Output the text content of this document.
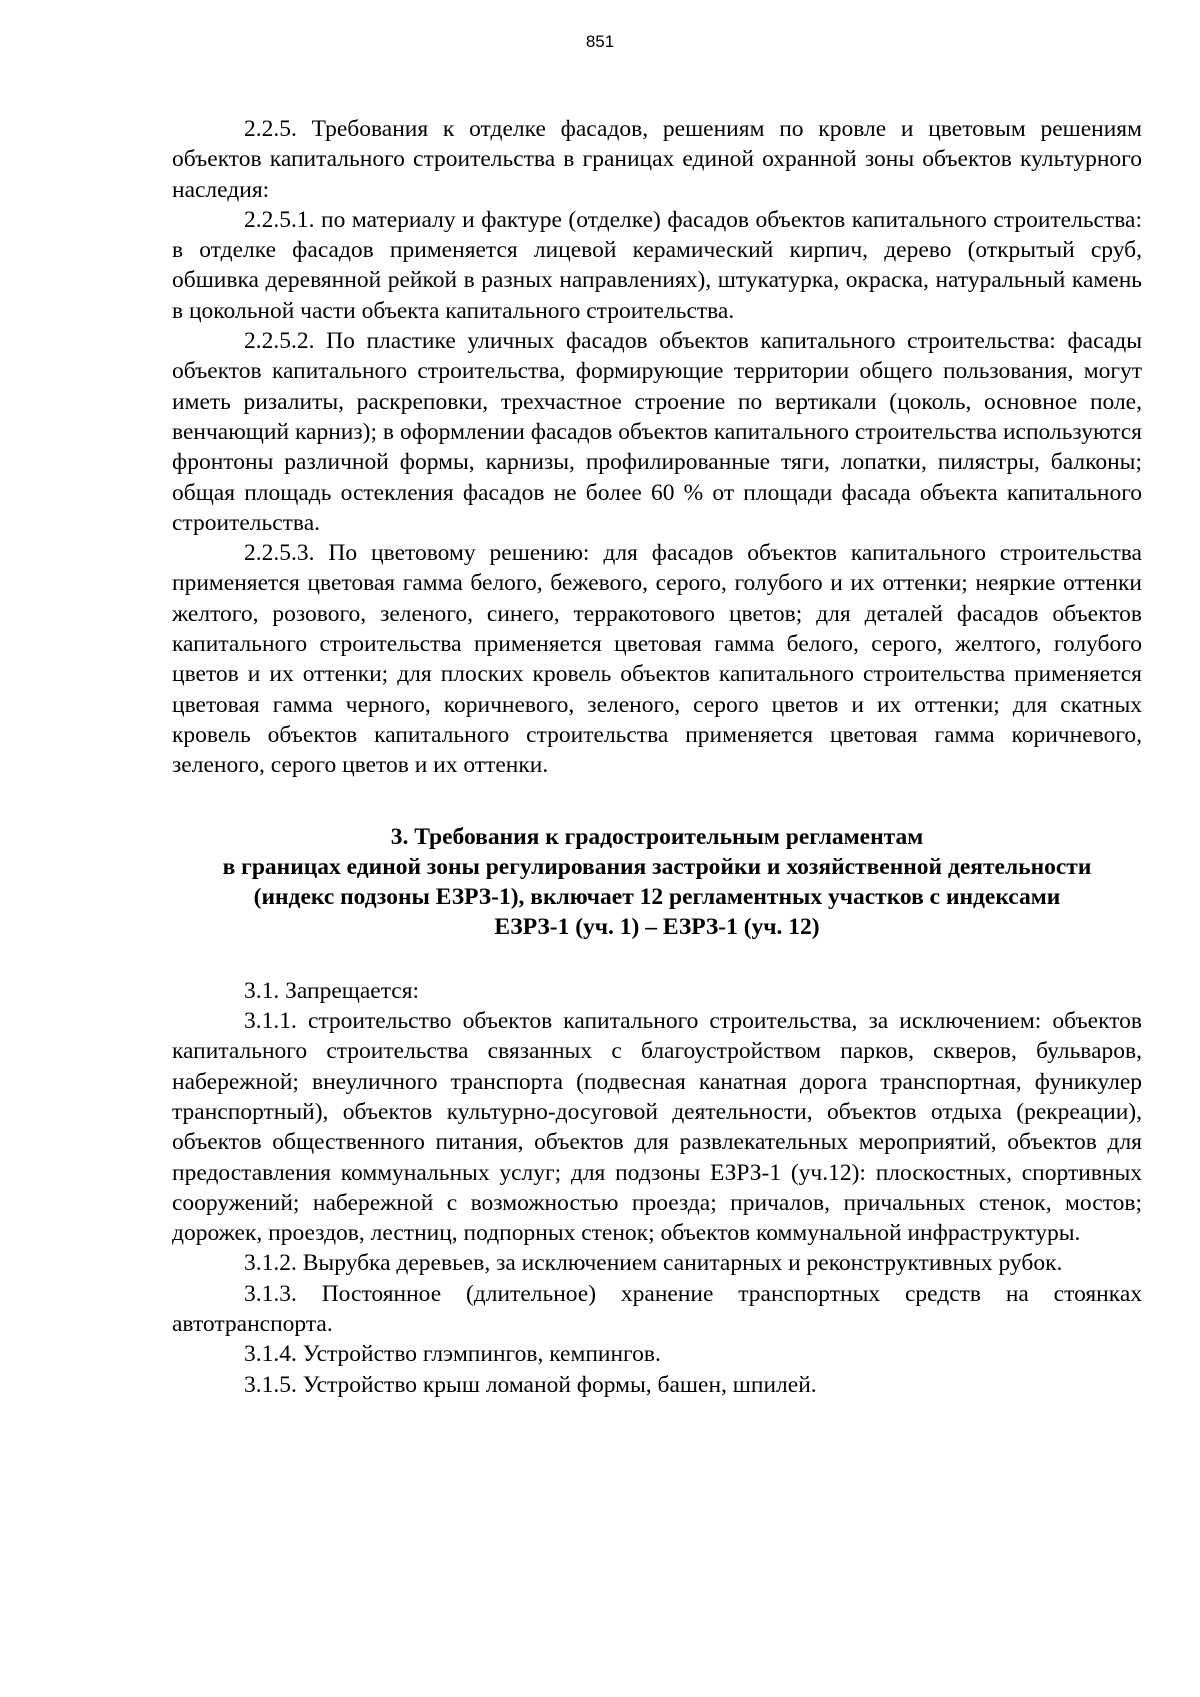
851

2.2.5. Требования к отделке фасадов, решениям по кровле и цветовым решениям объектов капитального строительства в границах единой охранной зоны объектов культурного наследия:

2.2.5.1. по материалу и фактуре (отделке) фасадов объектов капитального строительства: в отделке фасадов применяется лицевой керамический кирпич, дерево (открытый сруб, обшивка деревянной рейкой в разных направлениях), штукатурка, окраска, натуральный камень в цокольной части объекта капитального строительства.

2.2.5.2. По пластике уличных фасадов объектов капитального строительства: фасады объектов капитального строительства, формирующие территории общего пользования, могут иметь ризалиты, раскреповки, трехчастное строение по вертикали (цоколь, основное поле, венчающий карниз); в оформлении фасадов объектов капитального строительства используются фронтоны различной формы, карнизы, профилированные тяги, лопатки, пилястры, балконы; общая площадь остекления фасадов не более 60 % от площади фасада объекта капитального строительства.

2.2.5.3. По цветовому решению: для фасадов объектов капитального строительства применяется цветовая гамма белого, бежевого, серого, голубого и их оттенки; неяркие оттенки желтого, розового, зеленого, синего, терракотового цветов; для деталей фасадов объектов капитального строительства применяется цветовая гамма белого, серого, желтого, голубого цветов и их оттенки; для плоских кровель объектов капитального строительства применяется цветовая гамма черного, коричневого, зеленого, серого цветов и их оттенки; для скатных кровель объектов капитального строительства применяется цветовая гамма коричневого, зеленого, серого цветов и их оттенки.

3. Требования к градостроительным регламентам
в границах единой зоны регулирования застройки и хозяйственной деятельности
(индекс подзоны ЕЗРЗ-1), включает 12 регламентных участков с индексами
ЕЗРЗ-1 (уч. 1) – ЕЗРЗ-1 (уч. 12)

3.1. Запрещается:

3.1.1. строительство объектов капитального строительства, за исключением: объектов капитального строительства связанных с благоустройством парков, скверов, бульваров, набережной; внеуличного транспорта (подвесная канатная дорога транспортная, фуникулер транспортный), объектов культурно-досуговой деятельности, объектов отдыха (рекреации), объектов общественного питания, объектов для развлекательных мероприятий, объектов для предоставления коммунальных услуг; для подзоны ЕЗРЗ-1 (уч.12): плоскостных, спортивных сооружений; набережной с возможностью проезда; причалов, причальных стенок, мостов; дорожек, проездов, лестниц, подпорных стенок; объектов коммунальной инфраструктуры.

3.1.2. Вырубка деревьев, за исключением санитарных и реконструктивных рубок.

3.1.3. Постоянное (длительное) хранение транспортных средств на стоянках автотранспорта.

3.1.4. Устройство глэмпингов, кемпингов.

3.1.5. Устройство крыш ломаной формы, башен, шпилей.
